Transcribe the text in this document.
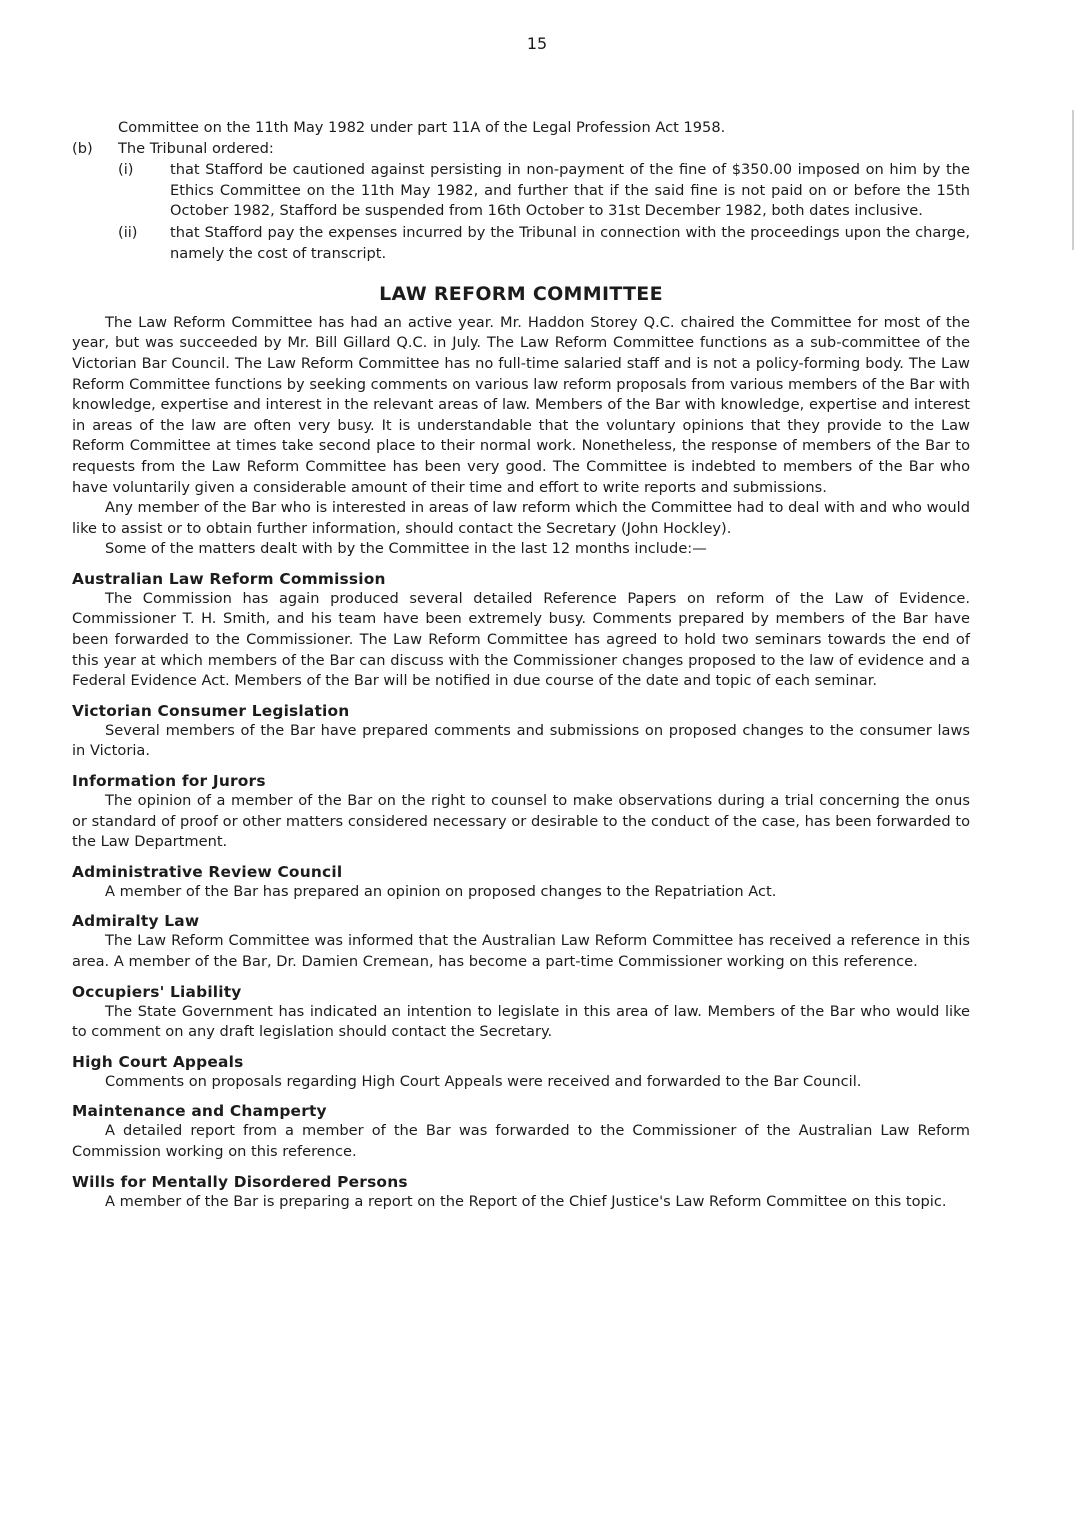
15

Committee on the 11th May 1982 under part 11A of the Legal Profession Act 1958.

(b)	The Tribunal ordered:
(i)	that Stafford be cautioned against persisting in non-payment of the fine of $350.00 imposed on him by the Ethics Committee on the 11th May 1982, and further that if the said fine is not paid on or before the 15th October 1982, Stafford be suspended from 16th October to 31st December 1982, both dates inclusive.
(ii)	that Stafford pay the expenses incurred by the Tribunal in connection with the proceedings upon the charge, namely the cost of transcript.
LAW REFORM COMMITTEE

The Law Reform Committee has had an active year. Mr. Haddon Storey Q.C. chaired the Committee for most of the year, but was succeeded by Mr. Bill Gillard Q.C. in July. The Law Reform Committee functions as a sub-committee of the Victorian Bar Council. The Law Reform Committee has no full-time salaried staff and is not a policy-forming body. The Law Reform Committee functions by seeking comments on various law reform proposals from various members of the Bar with knowledge, expertise and interest in the relevant areas of law. Members of the Bar with knowledge, expertise and interest in areas of the law are often very busy. It is understandable that the voluntary opinions that they provide to the Law Reform Committee at times take second place to their normal work. Nonetheless, the response of members of the Bar to requests from the Law Reform Committee has been very good. The Committee is indebted to members of the Bar who have voluntarily given a considerable amount of their time and effort to write reports and submissions.

Any member of the Bar who is interested in areas of law reform which the Committee had to deal with and who would like to assist or to obtain further information, should contact the Secretary (John Hockley).

Some of the matters dealt with by the Committee in the last 12 months include:—

Australian Law Reform Commission

The Commission has again produced several detailed Reference Papers on reform of the Law of Evidence. Commissioner T. H. Smith, and his team have been extremely busy. Comments prepared by members of the Bar have been forwarded to the Commissioner. The Law Reform Committee has agreed to hold two seminars towards the end of this year at which members of the Bar can discuss with the Commissioner changes proposed to the law of evidence and a Federal Evidence Act. Members of the Bar will be notified in due course of the date and topic of each seminar.

Victorian Consumer Legislation

Several members of the Bar have prepared comments and submissions on proposed changes to the consumer laws in Victoria.

Information for Jurors

The opinion of a member of the Bar on the right to counsel to make observations during a trial concerning the onus or standard of proof or other matters considered necessary or desirable to the conduct of the case, has been forwarded to the Law Department.

Administrative Review Council

A member of the Bar has prepared an opinion on proposed changes to the Repatriation Act.

Admiralty Law

The Law Reform Committee was informed that the Australian Law Reform Committee has received a reference in this area. A member of the Bar, Dr. Damien Cremean, has become a part-time Commissioner working on this reference.

Occupiers' Liability

The State Government has indicated an intention to legislate in this area of law. Members of the Bar who would like to comment on any draft legislation should contact the Secretary.

High Court Appeals

Comments on proposals regarding High Court Appeals were received and forwarded to the Bar Council.

Maintenance and Champerty

A detailed report from a member of the Bar was forwarded to the Commissioner of the Australian Law Reform Commission working on this reference.

Wills for Mentally Disordered Persons

A member of the Bar is preparing a report on the Report of the Chief Justice's Law Reform Committee on this topic.
